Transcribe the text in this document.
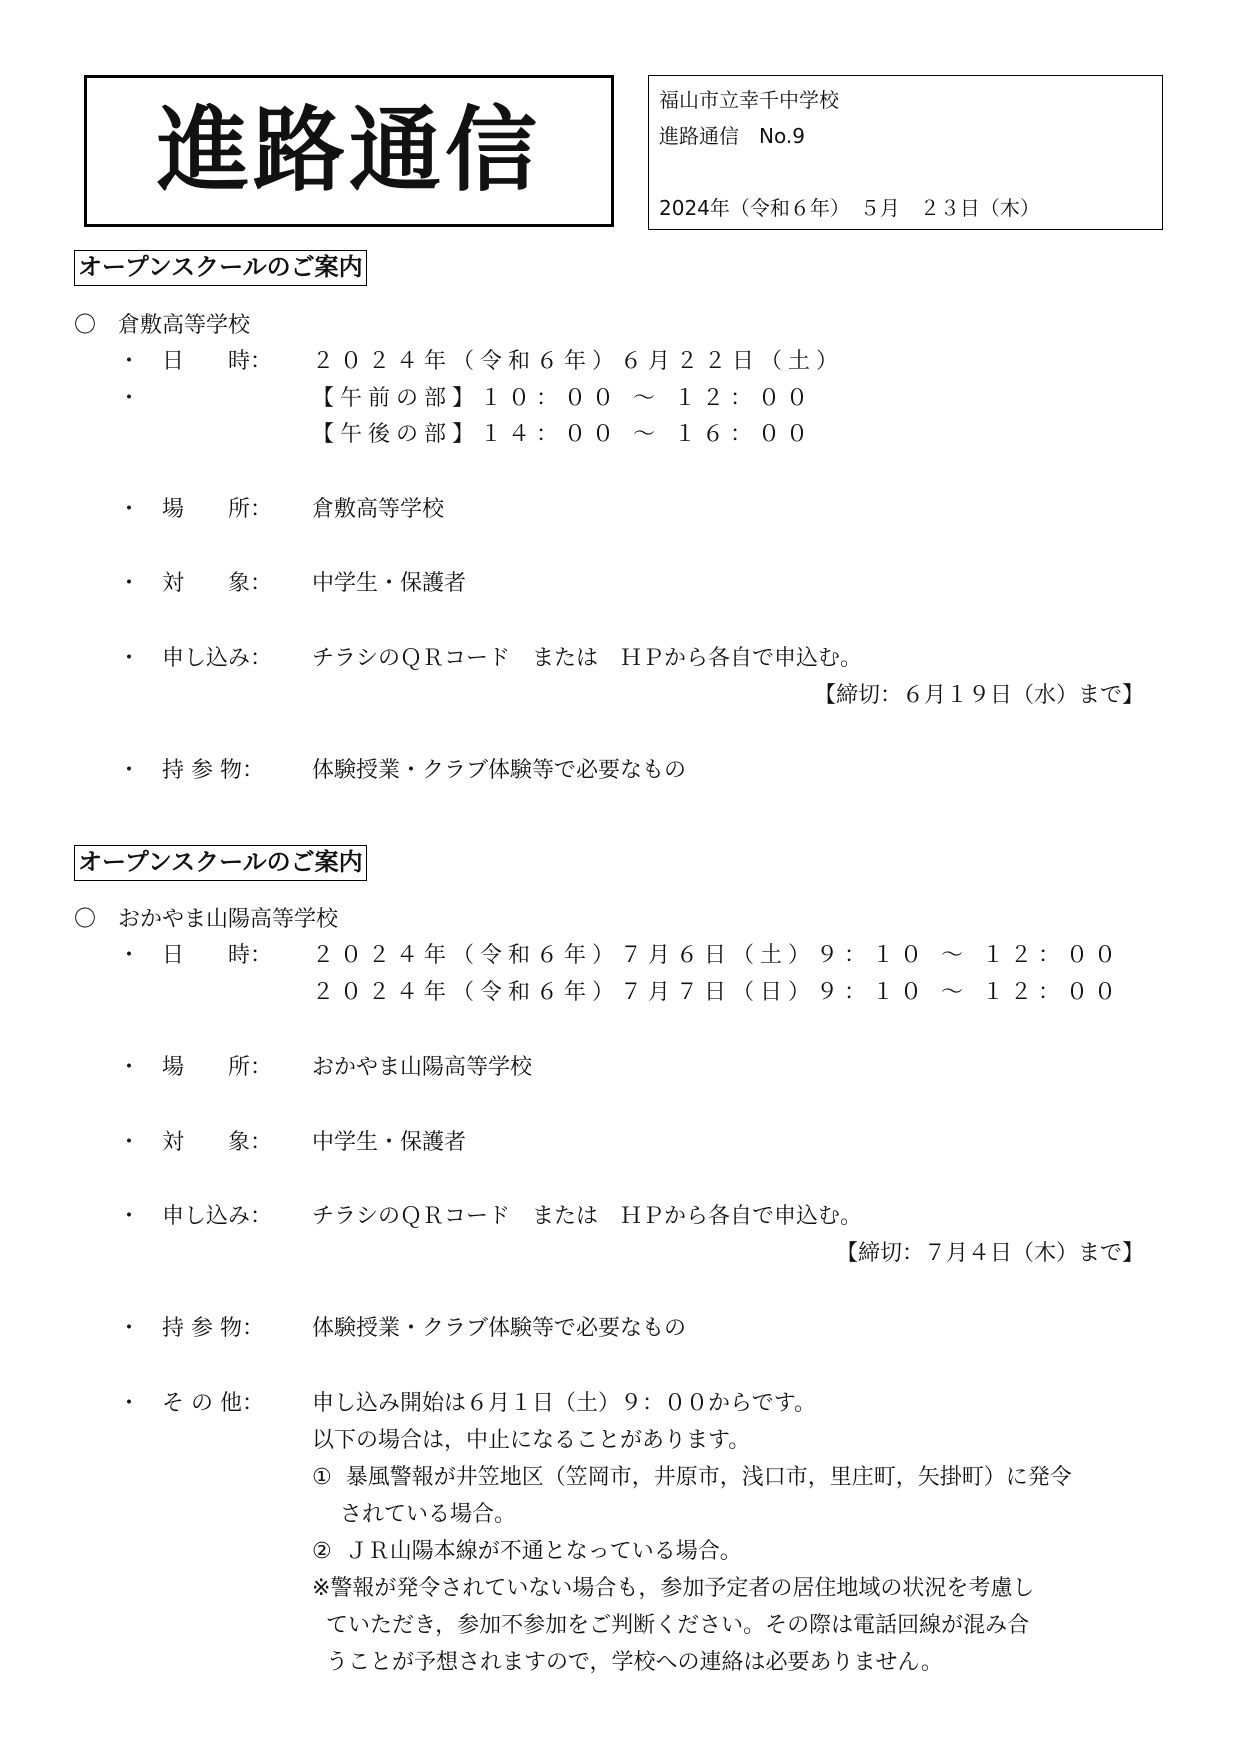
進路通信	福山市立幸千中学校
進路通信　No.9
2024年（令和６年）　５月　２３日（木）
オープンスクールのご案内
〇　倉敷高等学校
・ 日　　時： ２０２４年（令和６年）６月２２日（土）
・	【午前の部】１０：００ ～ １２：００
【午後の部】１４：００ ～ １６：００
・ 場　　所： 倉敷高等学校
・ 対　　象： 中学生・保護者
・ 申し込み： チラシのＱＲコード　または　ＨＰから各自で申込む。
【締切：６月１９日（水）まで】
・ 持 参 物： 体験授業・クラブ体験等で必要なもの
オープンスクールのご案内
〇　おかやま山陽高等学校
・ 日　　時： ２０２４年（令和６年）７月６日（土）９：１０ ～ １２：００
２０２４年（令和６年）７月７日（日）９：１０ ～ １２：００
・ 場　　所： おかやま山陽高等学校
・ 対　　象： 中学生・保護者
・ 申し込み： チラシのＱＲコード　または　ＨＰから各自で申込む。
【締切：７月４日（木）まで】
・ 持 参 物： 体験授業・クラブ体験等で必要なもの
・ そ の 他： 申し込み開始は６月１日（土）９：００からです。
以下の場合は，中止になることがあります。
①  暴風警報が井笠地区（笠岡市，井原市，浅口市，里庄町，矢掛町）に発令
されている場合。
②  ＪＲ山陽本線が不通となっている場合。
※警報が発令されていない場合も，参加予定者の居住地域の状況を考慮し
ていただき，参加不参加をご判断ください。その際は電話回線が混み合
うことが予想されますので，学校への連絡は必要ありません。
